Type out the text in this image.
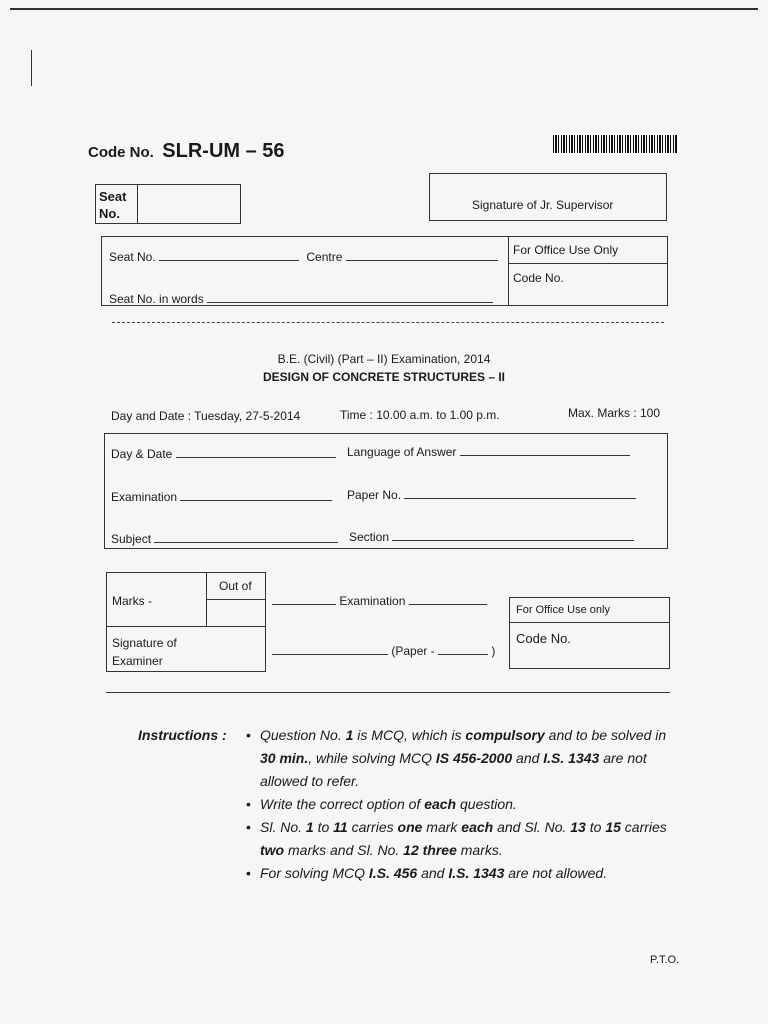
Code No. SLR-UM – 56
Seat
No.
Signature of Jr. Supervisor
Seat No.	Centre
Seat No. in words
For Office Use Only
Code No.
B.E. (Civil) (Part – II) Examination, 2014
DESIGN OF CONCRETE STRUCTURES – II
Day and Date : Tuesday, 27-5-2014	Time : 10.00 a.m. to 1.00 p.m.	Max. Marks : 100
Day & Date	Language of Answer
Examination	Paper No.
Subject	Section
Marks -
Out of
Signature of
Examiner
Examination
(Paper -	)
For Office Use only
Code No.
Instructions : • Question No. 1 is MCQ, which is compulsory and to be solved in 30 min., while solving MCQ IS 456-2000 and I.S. 1343 are not allowed to refer.
• Write the correct option of each question.
• Sl. No. 1 to 11 carries one mark each and Sl. No. 13 to 15 carries two marks and Sl. No. 12 three marks.
• For solving MCQ I.S. 456 and I.S. 1343 are not allowed.
P.T.O.
